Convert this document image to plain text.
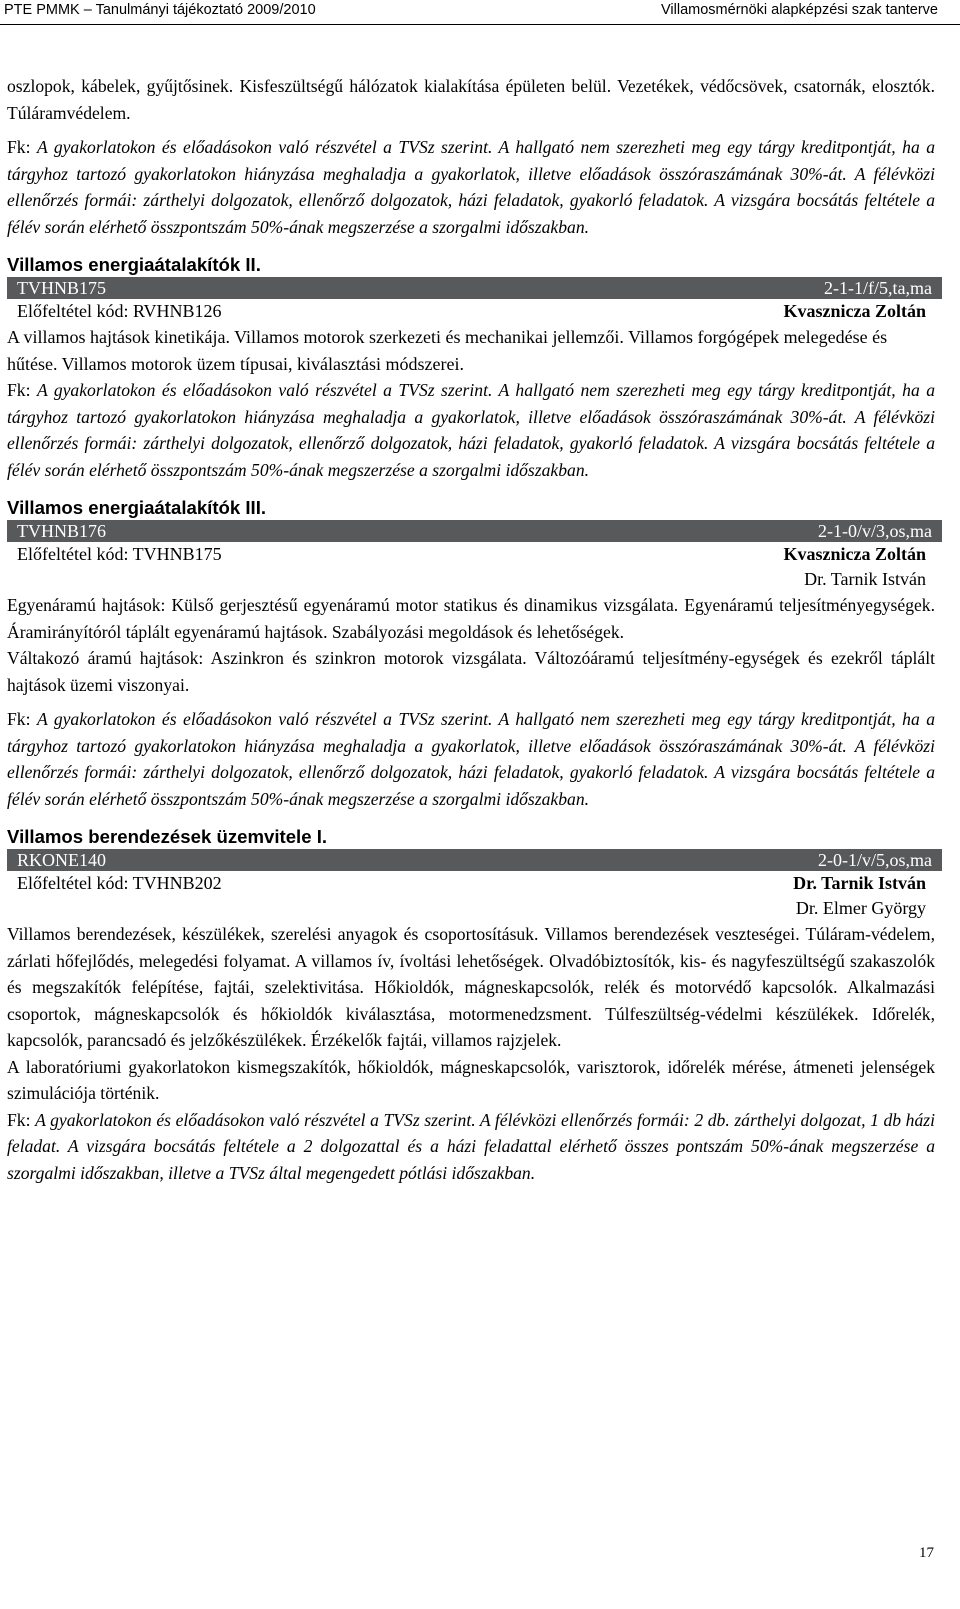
PTE PMMK – Tanulmányi tájékoztató 2009/2010	Villamosmérnöki alapképzési szak tanterve

oszlopok, kábelek, gyűjtősinek. Kisfeszültségű hálózatok kialakítása épületen belül. Vezetékek, védőcsövek, csatornák, elosztók. Túláramvédelem.

Fk: A gyakorlatokon és előadásokon való részvétel a TVSz szerint. A hallgató nem szerezheti meg egy tárgy kreditpontját, ha a tárgyhoz tartozó gyakorlatokon hiányzása meghaladja a gyakorlatok, illetve előadások összóraszámának 30%-át. A félévközi ellenőrzés formái: zárthelyi dolgozatok, ellenőrző dolgozatok, házi feladatok, gyakorló feladatok. A vizsgára bocsátás feltétele a félév során elérhető összpontszám 50%-ának megszerzése a szorgalmi időszakban.

Villamos energiaátalakítók II.
TVHNB175	2-1-1/f/5,ta,ma
Előfeltétel kód: RVHNB126	Kvasznicza Zoltán

A villamos hajtások kinetikája. Villamos motorok szerkezeti és mechanikai jellemzői. Villamos forgógépek melegedése és hűtése. Villamos motorok üzem típusai, kiválasztási módszerei.

Fk: A gyakorlatokon és előadásokon való részvétel a TVSz szerint. A hallgató nem szerezheti meg egy tárgy kreditpontját, ha a tárgyhoz tartozó gyakorlatokon hiányzása meghaladja a gyakorlatok, illetve előadások összóraszámának 30%-át. A félévközi ellenőrzés formái: zárthelyi dolgozatok, ellenőrző dolgozatok, házi feladatok, gyakorló feladatok. A vizsgára bocsátás feltétele a félév során elérhető összpontszám 50%-ának megszerzése a szorgalmi időszakban.

Villamos energiaátalakítók III.
TVHNB176	2-1-0/v/3,os,ma
Előfeltétel kód: TVHNB175	Kvasznicza Zoltán
Dr. Tarnik István

Egyenáramú hajtások: Külső gerjesztésű egyenáramú motor statikus és dinamikus vizsgálata. Egyenáramú teljesítményegységek. Áramirányítóról táplált egyenáramú hajtások. Szabályozási megoldások és lehetőségek.

Váltakozó áramú hajtások: Aszinkron és szinkron motorok vizsgálata. Változóáramú teljesítmény-egységek és ezekről táplált hajtások üzemi viszonyai.

Fk: A gyakorlatokon és előadásokon való részvétel a TVSz szerint. A hallgató nem szerezheti meg egy tárgy kreditpontját, ha a tárgyhoz tartozó gyakorlatokon hiányzása meghaladja a gyakorlatok, illetve előadások összóraszámának 30%-át. A félévközi ellenőrzés formái: zárthelyi dolgozatok, ellenőrző dolgozatok, házi feladatok, gyakorló feladatok. A vizsgára bocsátás feltétele a félév során elérhető összpontszám 50%-ának megszerzése a szorgalmi időszakban.

Villamos berendezések üzemvitele I.
RKONE140	2-0-1/v/5,os,ma
Előfeltétel kód: TVHNB202	Dr. Tarnik István
Dr. Elmer György

Villamos berendezések, készülékek, szerelési anyagok és csoportosításuk. Villamos berendezések veszteségei. Túláram-védelem, zárlati hőfejlődés, melegedési folyamat. A villamos ív, ívoltási lehetőségek. Olvadóbiztosítók, kis- és nagyfeszültségű szakaszolók és megszakítók felépítése, fajtái, szelektivitása. Hőkioldók, mágneskapcsolók, relék és motorvédő kapcsolók. Alkalmazási csoportok, mágneskapcsolók és hőkioldók kiválasztása, motormenedzsment. Túlfeszültség-védelmi készülékek. Időrelék, kapcsolók, parancsadó és jelzőkészülékek. Érzékelők fajtái, villamos rajzjelek.

A laboratóriumi gyakorlatokon kismegszakítók, hőkioldók, mágneskapcsolók, varisztorok, időrelék mérése, átmeneti jelenségek szimulációja történik.

Fk: A gyakorlatokon és előadásokon való részvétel a TVSz szerint. A félévközi ellenőrzés formái: 2 db. zárthelyi dolgozat, 1 db házi feladat. A vizsgára bocsátás feltétele a 2 dolgozattal és a házi feladattal elérhető összes pontszám 50%-ának megszerzése a szorgalmi időszakban, illetve a TVSz által megengedett pótlási időszakban.

17
